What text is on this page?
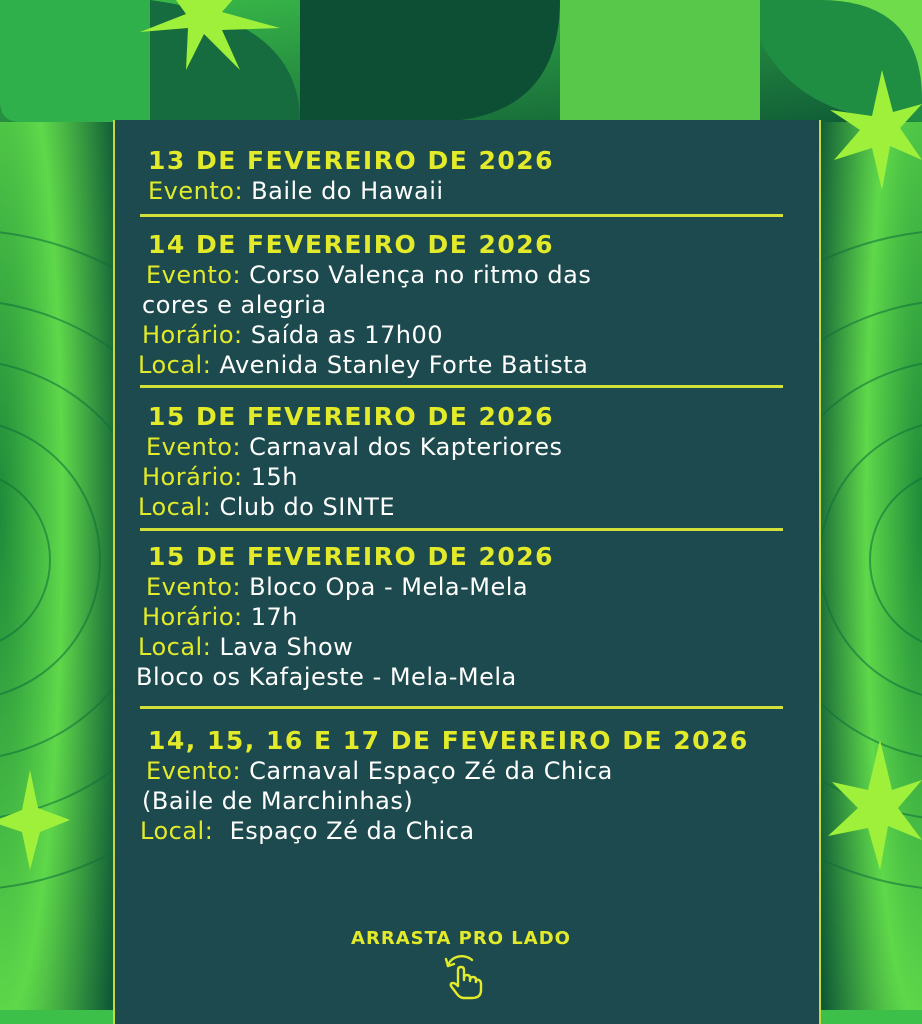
13 DE FEVEREIRO DE 2026
Evento: Baile do Hawaii
14 DE FEVEREIRO DE 2026
Evento: Corso Valença no ritmo das
cores e alegria
Horário: Saída as 17h00
Local: Avenida Stanley Forte Batista
15 DE FEVEREIRO DE 2026
Evento: Carnaval dos Kapteriores
Horário: 15h
Local: Club do SINTE
15 DE FEVEREIRO DE 2026
Evento: Bloco Opa - Mela-Mela
Horário: 17h
Local: Lava Show
Bloco os Kafajeste - Mela-Mela
14, 15, 16 E 17 DE FEVEREIRO DE 2026
Evento: Carnaval Espaço Zé da Chica
(Baile de Marchinhas)
Local: Espaço Zé da Chica
ARRASTA PRO LADO
